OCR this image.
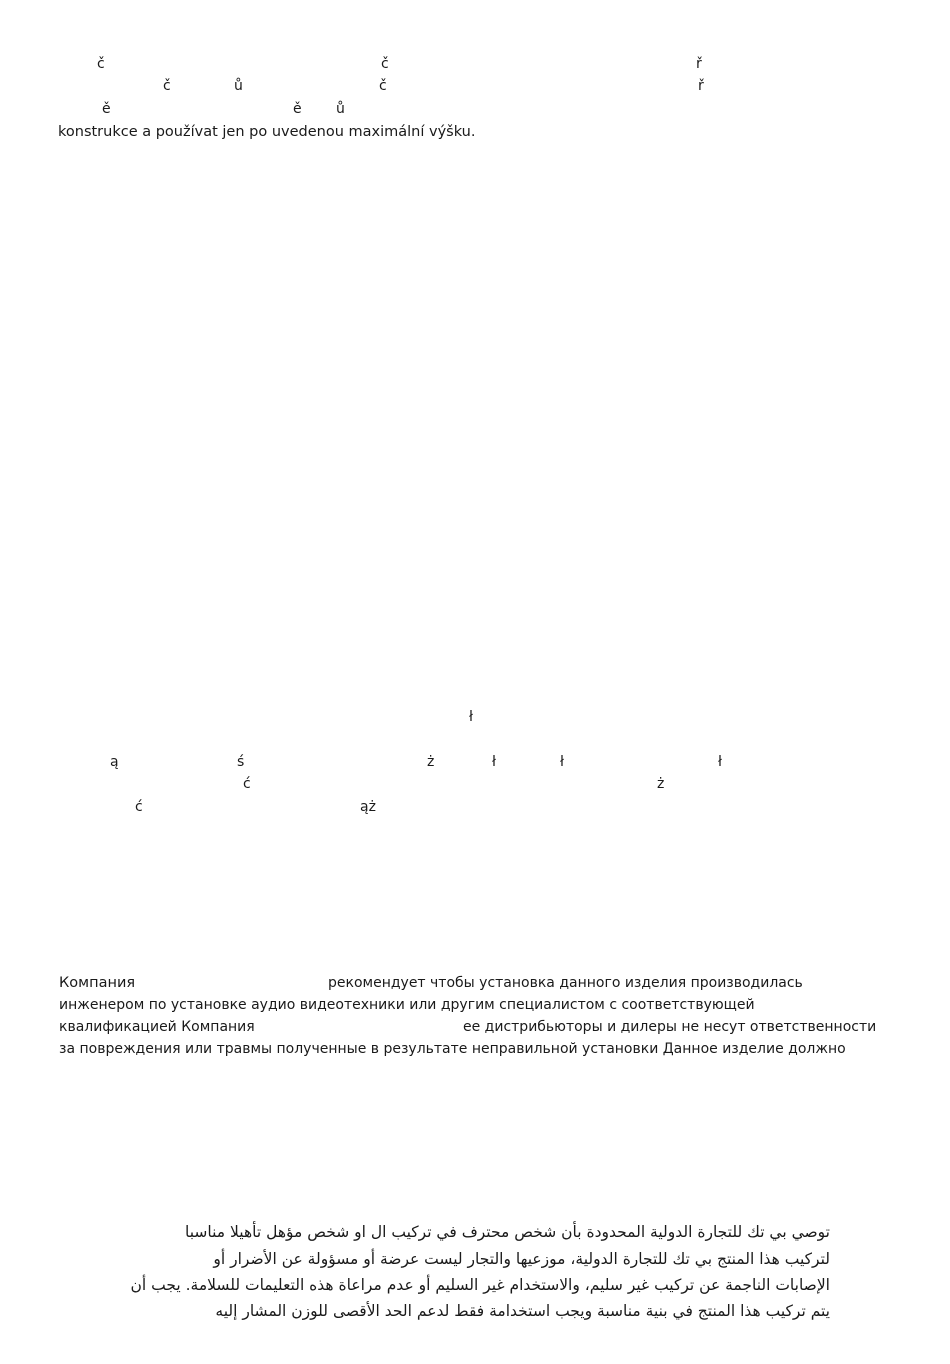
č	č	ř
č	ů	č	ř
ě	ě ů
konstrukce a používat jen po uvedenou maximální výšku.
ł
ą	ś	ż	ł	ł	ł
ć	ż
ć	ąż
Компания	рекомендует чтобы установка данного изделия производилась
инженером по установке аудио видеотехники или другим специалистом с соответствующей
квалификацией Компания	ее дистрибьюторы и дилеры не несут ответственности
за повреждения или травмы полученные в результате неправильной установки Данное изделие должно
توصي بي تك للتجارة الدولية المحدودة بأن شخص محترف في تركيب ال او شخص مؤهل تأهيلا مناسبا
لتركيب هذا المنتج بي تك للتجارة الدولية، موزعيها والتجار ليست عرضة أو مسؤولة عن الأضرار أو
الإصابات الناجمة عن تركيب غير سليم، والاستخدام غير السليم أو عدم مراعاة هذه التعليمات للسلامة. يجب أن
يتم تركيب هذا المنتج في بنية مناسبة ويجب استخدامة فقط لدعم الحد الأقصى للوزن المشار إليه
